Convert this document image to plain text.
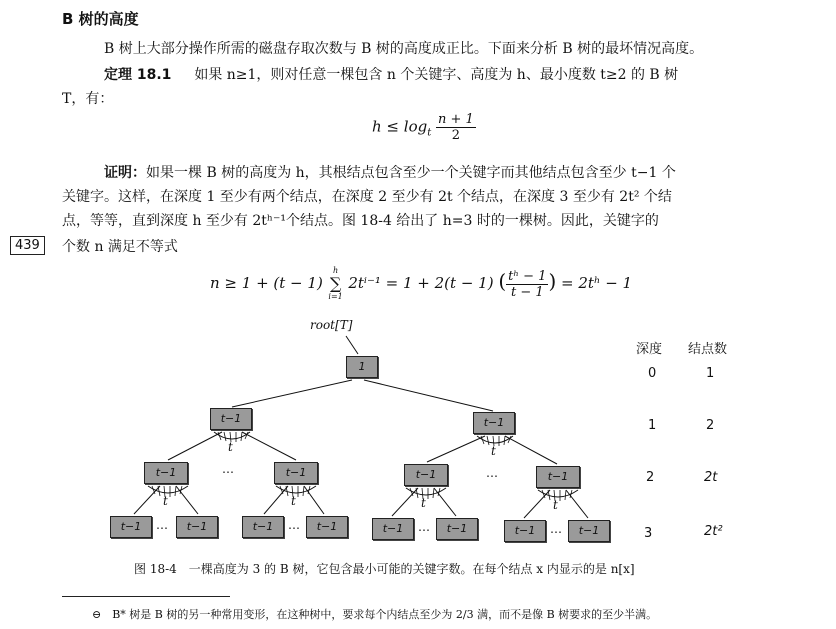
B 树的高度
B 树上大部分操作所需的磁盘存取次数与 B 树的高度成正比。下面来分析 B 树的最坏情况高度。
定理 18.1 如果 n≥1，则对任意一棵包含 n 个关键字、高度为 h、最小度数 t≥2 的 B 树
T，有：
$h \le \log_t \frac{n + 1}{2}$
证明：如果一棵 B 树的高度为 h，其根结点包含至少一个关键字而其他结点包含至少 t−1 个
关键字。这样，在深度 1 至少有两个结点，在深度 2 至少有 2t 个结点，在深度 3 至少有 2t² 个结
点，等等，直到深度 h 至少有 2tʰ⁻¹个结点。图 18-4 给出了 h=3 时的一棵树。因此，关键字的
个数 n 满足不等式
439
n ≥ 1 + (t − 1)
h
∑
i=1
2tⁱ⁻¹ = 1 + 2(t − 1) ( $\frac{\text{tʰ − 1}}{t - 1}$ ) = 2tʰ − 1
root[T]
1
t−1	t−1
t−1	t−1	t−1	t−1
t−1	t−1	t−1	t−1	t−1	t−1	t−1	t−1
t	t
t	t	t	t
…	…
…	…	…	…
深度 结点数
0	1
1	2
2	2t
3	2t²
图 18-4　一棵高度为 3 的 B 树，它包含最小可能的关键字数。在每个结点 x 内显示的是 n[x]
⊖　B* 树是 B 树的另一种常用变形，在这种树中，要求每个内结点至少为 2/3 满，而不是像 B 树要求的至少半满。
